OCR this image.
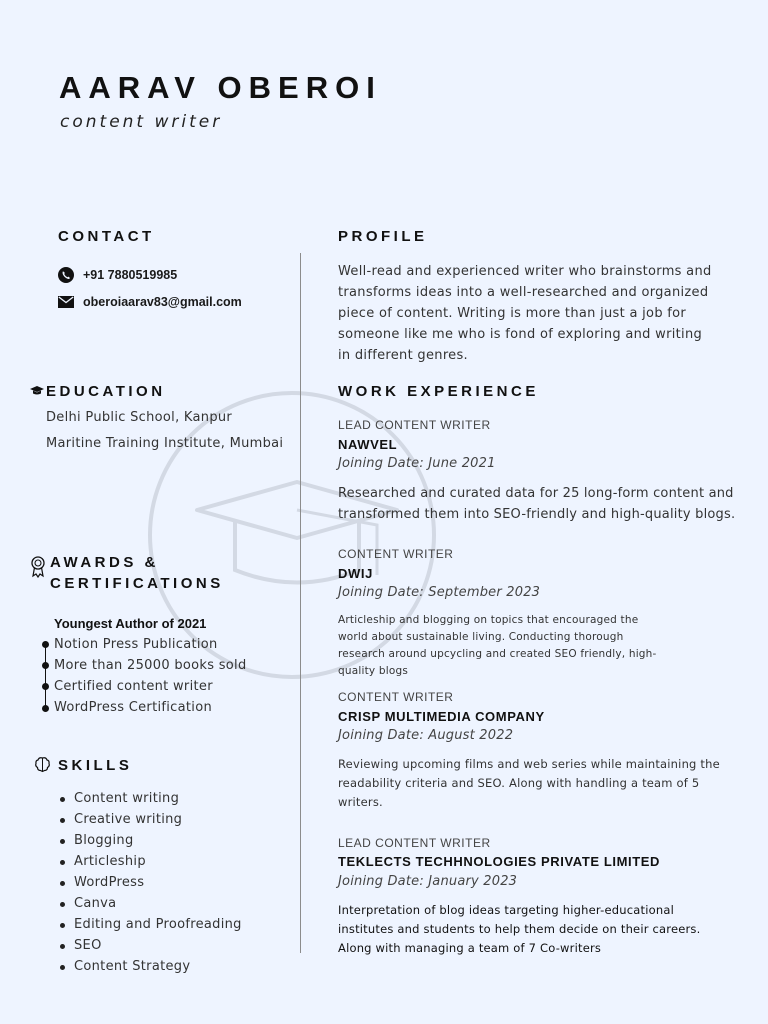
AARAV OBEROI
content writer
CONTACT
+91 7880519985
oberoiaarav83@gmail.com
PROFILE
Well-read and experienced writer who brainstorms and transforms ideas into a well-researched and organized piece of content. Writing is more than just a job for someone like me who is fond of exploring and writing in different genres.
EDUCATION
Delhi Public School, Kanpur
Maritine Training Institute, Mumbai
AWARDS &
CERTIFICATIONS
Youngest Author of 2021
Notion Press Publication
More than 25000 books sold
Certified content writer
WordPress Certification
SKILLS
Content writing
Creative writing
Blogging
Articleship
WordPress
Canva
Editing and Proofreading
SEO
Content Strategy
WORK EXPERIENCE
LEAD CONTENT WRITER
NAWVEL
Joining Date: June 2021
Researched and curated data for 25 long-form content and
transformed them into SEO-friendly and high-quality blogs.
CONTENT WRITER
DWIJ
Joining Date: September 2023
Articleship and blogging on topics that encouraged the
world about sustainable living. Conducting thorough
research around upcycling and created SEO friendly, high-
quality blogs
CONTENT WRITER
CRISP MULTIMEDIA COMPANY
Joining Date: August 2022
Reviewing upcoming films and web series while maintaining the
readability criteria and SEO. Along with handling a team of 5
writers.
LEAD CONTENT WRITER
TEKLECTS TECHHNOLOGIES PRIVATE LIMITED
Joining Date: January 2023
Interpretation of blog ideas targeting higher-educational
institutes and students to help them decide on their careers.
Along with managing a team of 7 Co-writers
